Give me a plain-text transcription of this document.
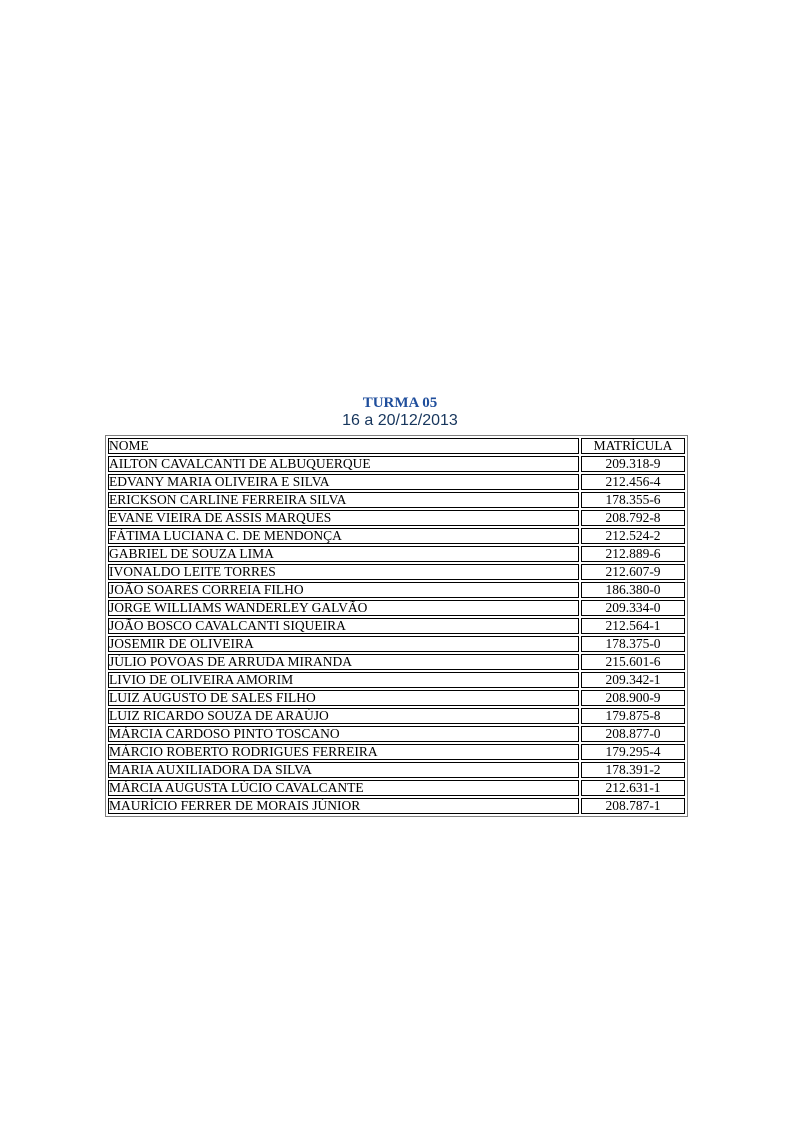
TURMA 05
16 a 20/12/2013
NOME	MATRÍCULA
AILTON CAVALCANTI DE ALBUQUERQUE	209.318-9
EDVANY MARIA OLIVEIRA E SILVA	212.456-4
ERICKSON CARLINE FERREIRA SILVA	178.355-6
EVANE VIEIRA DE ASSIS MARQUES	208.792-8
FÁTIMA LUCIANA C. DE MENDONÇA	212.524-2
GABRIEL DE SOUZA LIMA	212.889-6
IVONALDO LEITE TORRES	212.607-9
JOÃO SOARES CORREIA FILHO	186.380-0
JORGE WILLIAMS WANDERLEY GALVÃO	209.334-0
JOÃO BOSCO CAVALCANTI SIQUEIRA	212.564-1
JOSEMIR DE OLIVEIRA	178.375-0
JÚLIO POVOAS DE ARRUDA MIRANDA	215.601-6
LIVIO DE OLIVEIRA AMORIM	209.342-1
LUIZ AUGUSTO DE SALES FILHO	208.900-9
LUIZ RICARDO SOUZA DE ARAÚJO	179.875-8
MÁRCIA CARDOSO PINTO TOSCANO	208.877-0
MÁRCIO ROBERTO RODRIGUES FERREIRA	179.295-4
MARIA AUXILIADORA DA SILVA	178.391-2
MÁRCIA AUGUSTA LÚCIO CAVALCANTE	212.631-1
MAURÍCIO FERRER DE MORAIS JÚNIOR	208.787-1
